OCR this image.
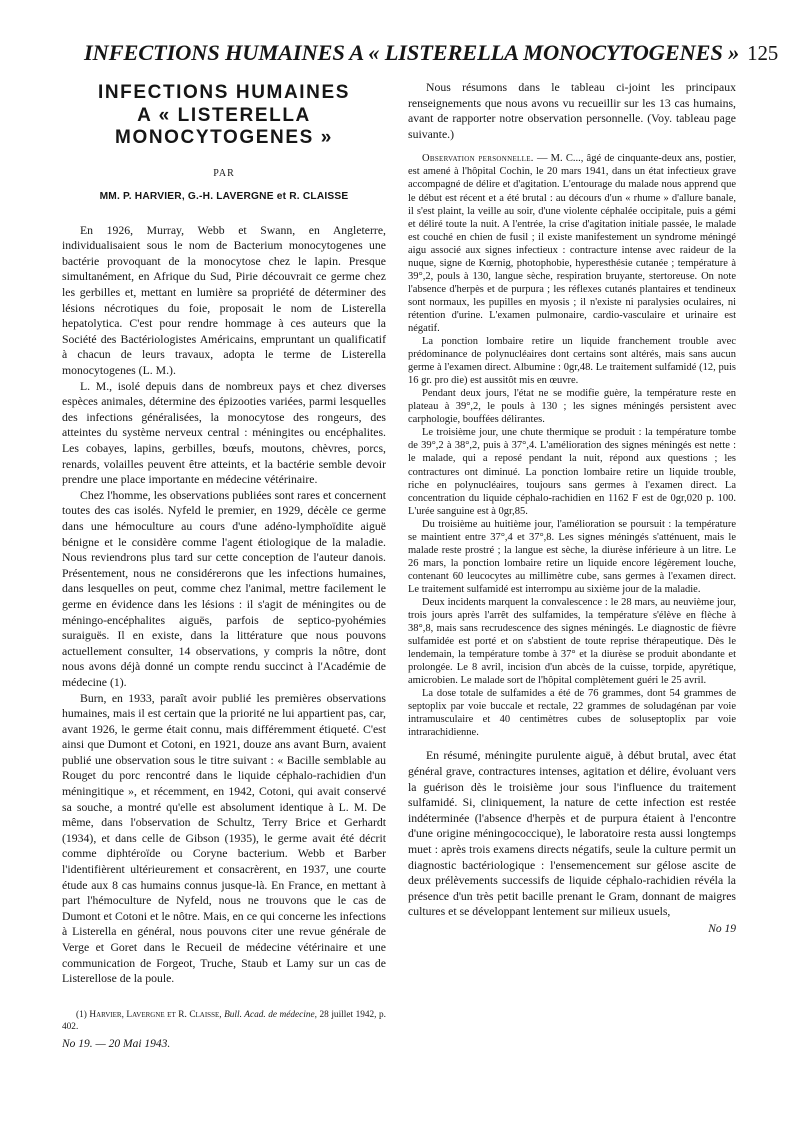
INFECTIONS HUMAINES A « LISTERELLA MONOCYTOGENES » 125
INFECTIONS HUMAINES
A « LISTERELLA
MONOCYTOGENES »
PAR
MM. P. HARVIER, G.-H. LAVERGNE et R. CLAISSE

En 1926, Murray, Webb et Swann, en Angleterre, individualisaient sous le nom de Bacterium monocytogenes une bactérie provoquant de la monocytose chez le lapin. Presque simultanément, en Afrique du Sud, Pirie découvrait ce germe chez les gerbilles et, mettant en lumière sa propriété de déterminer des lésions nécrotiques du foie, proposait le nom de Listerella hepatolytica. C'est pour rendre hommage à ces auteurs que la Société des Bactériologistes Américains, empruntant un qualificatif à chacun de leurs travaux, adopta le terme de Listerella monocytogenes (L. M.).

L. M., isolé depuis dans de nombreux pays et chez diverses espèces animales, détermine des épizooties variées, parmi lesquelles des infections généralisées, la monocytose des rongeurs, des atteintes du système nerveux central : méningites ou encéphalites. Les cobayes, lapins, gerbilles, bœufs, moutons, chèvres, porcs, renards, volailles peuvent être atteints, et la bactérie semble devoir prendre une place importante en médecine vétérinaire.

Chez l'homme, les observations publiées sont rares et concernent toutes des cas isolés. Nyfeld le premier, en 1929, décèle ce germe dans une hémoculture au cours d'une adéno-lymphoïdite aiguë bénigne et le considère comme l'agent étiologique de la maladie. Nous reviendrons plus tard sur cette conception de l'auteur danois. Présentement, nous ne considérerons que les infections humaines, dans lesquelles on peut, comme chez l'animal, mettre facilement le germe en évidence dans les lésions : il s'agit de méningites ou de méningo-encéphalites aiguës, parfois de septico-pyohémies suraiguës. Il en existe, dans la littérature que nous pouvons actuellement consulter, 14 observations, y compris la nôtre, dont nous avons déjà donné un compte rendu succinct à l'Académie de médecine (1).

Burn, en 1933, paraît avoir publié les premières observations humaines, mais il est certain que la priorité ne lui appartient pas, car, avant 1926, le germe était connu, mais différemment étiqueté. C'est ainsi que Dumont et Cotoni, en 1921, douze ans avant Burn, avaient publié une observation sous le titre suivant : « Bacille semblable au Rouget du porc rencontré dans le liquide céphalo-rachidien d'un méningitique », et récemment, en 1942, Cotoni, qui avait conservé sa souche, a montré qu'elle est absolument identique à L. M. De même, dans l'observation de Schultz, Terry Brice et Gerhardt (1934), et dans celle de Gibson (1935), le germe avait été décrit comme diphtéroïde ou Coryne bacterium. Webb et Barber l'identifièrent ultérieurement et consacrèrent, en 1937, une courte étude aux 8 cas humains connus jusque-là. En France, en mettant à part l'hémoculture de Nyfeld, nous ne trouvons que le cas de Dumont et Cotoni et le nôtre. Mais, en ce qui concerne les infections à Listerella en général, nous pouvons citer une revue générale de Verge et Goret dans le Recueil de médecine vétérinaire et une communication de Forgeot, Truche, Staub et Lamy sur un cas de Listerellose de la poule.

(1) Harvier, Lavergne et R. Claisse, Bull. Acad. de médecine, 28 juillet 1942, p. 402.

No 19. — 20 Mai 1943.

Nous résumons dans le tableau ci-joint les principaux renseignements que nous avons vu recueillir sur les 13 cas humains, avant de rapporter notre observation personnelle. (Voy. tableau page suivante.)

Observation personnelle. — M. C..., âgé de cinquante-deux ans, postier, est amené à l'hôpital Cochin, le 20 mars 1941, dans un état infectieux grave accompagné de délire et d'agitation. L'entourage du malade nous apprend que le début est récent et a été brutal : au décours d'un « rhume » d'allure banale, il s'est plaint, la veille au soir, d'une violente céphalée occipitale, puis a gémi et déliré toute la nuit. A l'entrée, la crise d'agitation initiale passée, le malade est couché en chien de fusil ; il existe manifestement un syndrome méningé aigu associé aux signes infectieux : contracture intense avec raideur de la nuque, signe de Kœrnig, photophobie, hyperesthésie cutanée ; température à 39°,2, pouls à 130, langue sèche, respiration bruyante, stertoreuse. On note l'absence d'herpès et de purpura ; les réflexes cutanés plantaires et tendineux sont normaux, les pupilles en myosis ; il n'existe ni paralysies oculaires, ni rétention d'urine. L'examen pulmonaire, cardio-vasculaire et urinaire est négatif.

La ponction lombaire retire un liquide franchement trouble avec prédominance de polynucléaires dont certains sont altérés, mais sans aucun germe à l'examen direct. Albumine : 0gr,48. Le traitement sulfamidé (12, puis 16 gr. pro die) est aussitôt mis en œuvre.

Pendant deux jours, l'état ne se modifie guère, la température reste en plateau à 39°,2, le pouls à 130 ; les signes méningés persistent avec carphologie, bouffées délirantes.

Le troisième jour, une chute thermique se produit : la température tombe de 39°,2 à 38°,2, puis à 37°,4. L'amélioration des signes méningés est nette : le malade, qui a reposé pendant la nuit, répond aux questions ; les contractures ont diminué. La ponction lombaire retire un liquide trouble, riche en polynucléaires, toujours sans germes à l'examen direct. La concentration du liquide céphalo-rachidien en 1162 F est de 0gr,020 p. 100. L'urée sanguine est à 0gr,85.

Du troisième au huitième jour, l'amélioration se poursuit : la température se maintient entre 37°,4 et 37°,8. Les signes méningés s'atténuent, mais le malade reste prostré ; la langue est sèche, la diurèse inférieure à un litre. Le 26 mars, la ponction lombaire retire un liquide encore légèrement louche, contenant 60 leucocytes au millimètre cube, sans germes à l'examen direct. Le traitement sulfamidé est interrompu au sixième jour de la maladie.

Deux incidents marquent la convalescence : le 28 mars, au neuvième jour, trois jours après l'arrêt des sulfamides, la température s'élève en flèche à 38°,8, mais sans recrudescence des signes méningés. Le diagnostic de fièvre sulfamidée est porté et on s'abstient de toute reprise thérapeutique. Dès le lendemain, la température tombe à 37° et la diurèse se produit abondante et prolongée. Le 8 avril, incision d'un abcès de la cuisse, torpide, apyrétique, amicrobien. Le malade sort de l'hôpital complètement guéri le 25 avril.

La dose totale de sulfamides a été de 76 grammes, dont 54 grammes de septoplix par voie buccale et rectale, 22 grammes de soludagénan par voie intramusculaire et 40 centimètres cubes de soluseptoplix par voie intrarachidienne.

En résumé, méningite purulente aiguë, à début brutal, avec état général grave, contractures intenses, agitation et délire, évoluant vers la guérison dès le troisième jour sous l'influence du traitement sulfamidé. Si, cliniquement, la nature de cette infection est restée indéterminée (l'absence d'herpès et de purpura étaient à l'encontre d'une origine méningococcique), le laboratoire resta aussi longtemps muet : après trois examens directs négatifs, seule la culture permit un diagnostic bactériologique : l'ensemencement sur gélose ascite de deux prélèvements successifs de liquide céphalo-rachidien révéla la présence d'un très petit bacille prenant le Gram, donnant de maigres cultures et se développant lentement sur milieux usuels,

No 19
